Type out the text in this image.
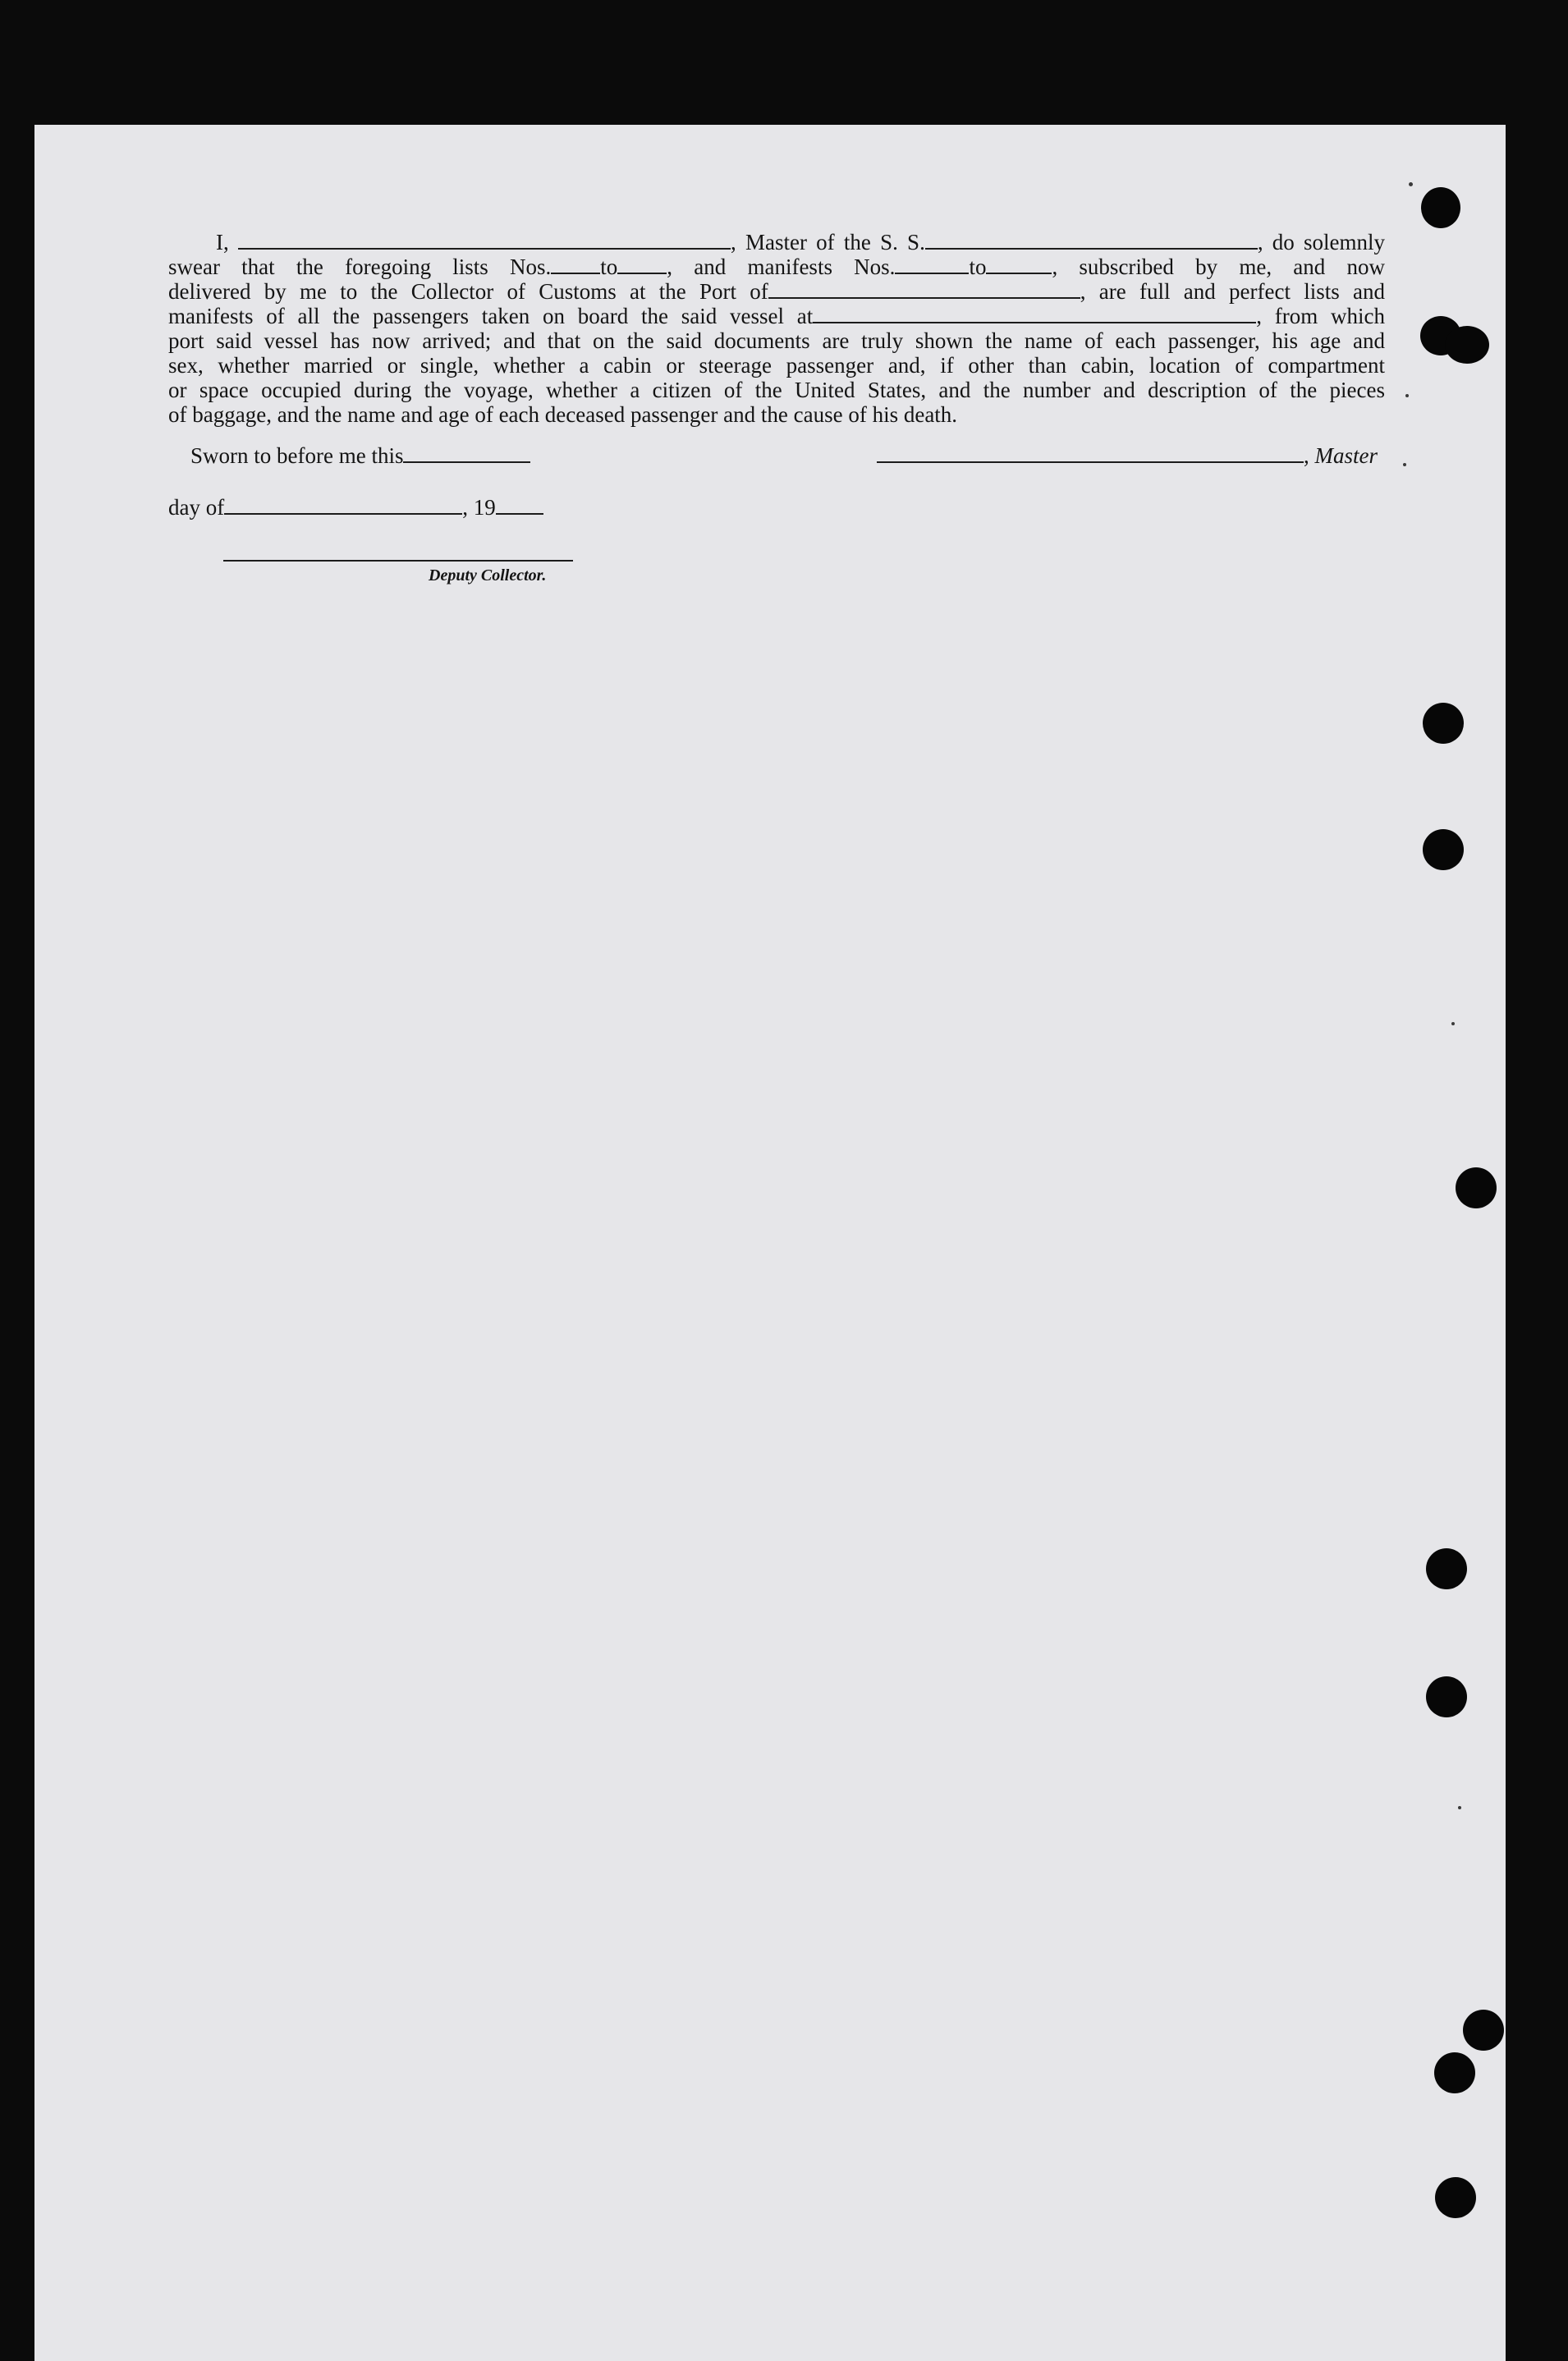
I,	, Master of the S. S.	, do solemnly
swear that the foregoing lists Nos. to , and manifests Nos.	to	, subscribed by me, and now
delivered by me to the Collector of Customs at the Port of	, are full and perfect lists and
manifests of all the passengers taken on board the said vessel at	, from which
port said vessel has now arrived; and that on the said documents are truly shown the name of each passenger, his age and
sex, whether married or single, whether a cabin or steerage passenger and, if other than cabin, location of compartment
or space occupied during the voyage, whether a citizen of the United States, and the number and description of the pieces
of baggage, and the name and age of each deceased passenger and the cause of his death.
Sworn to before me this	, Master
day of	, 19
Deputy Collector.
